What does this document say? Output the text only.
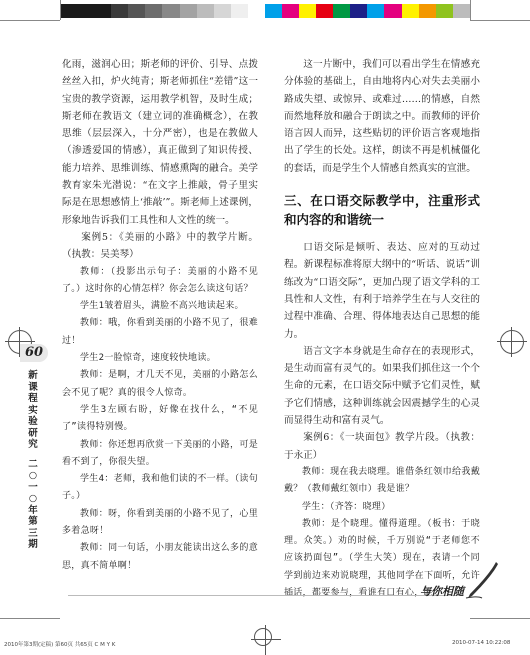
60
新
课
程
实
验
研
究
二
○
一
○
年
第
三
期

化雨，滋润心田；斯老师的评价、引导、点拨丝丝入扣，炉火纯青；斯老师抓住“差错”这一宝贵的教学资源，运用教学机智，及时生成；斯老师在教语文（建立词的准确概念），在教思维（层层深入，十分严密），也是在教做人（渗透爱国的情感），真正做到了知识传授、能力培养、思维训练、情感熏陶的融合。美学教育家朱光潜说：“在文字上推敲，骨子里实际是在思想感情上‘推敲’”。斯老师上述课例，形象地告诉我们工具性和人文性的统一。

案例5：《美丽的小路》中的教学片断。（执教：吴美琴）

教师：（投影出示句子：美丽的小路不见了。）这时你的心情怎样？你会怎么读这句话？

学生1皱着眉头，满脸不高兴地读起来。

教师：哦，你看到美丽的小路不见了，很难过！

学生2一脸惊奇，速度较快地读。

教师：是啊，才几天不见，美丽的小路怎么会不见了呢？真的很令人惊奇。

学生3左顾右盼，好像在找什么，“不见了”读得特别慢。

教师：你还想再欣赏一下美丽的小路，可是看不到了，你很失望。

学生4：老师，我和他们读的不一样。（读句子。）

教师：呀，你看到美丽的小路不见了，心里多着急呀！

教师：同一句话，小朋友能读出这么多的意思，真不简单啊！

这一片断中，我们可以看出学生在情感充分体验的基础上，自由地将内心对失去美丽小路成失望、或惊异、或难过……的情感，自然而然地释放和融合于朗读之中。而教师的评价语言因人而异，这些贴切的评价语言客观地指出了学生的长处。这样，朗读不再是机械僵化的套话，而是学生个人情感自然真实的宣泄。

三、在口语交际教学中，注重形式和内容的和谐统一

口语交际是倾听、表达、应对的互动过程。新课程标准将原大纲中的“听话、说话”训练改为“口语交际”，更加凸现了语文学科的工具性和人文性，有利于培养学生在与人交往的过程中准确、合理、得体地表达自己思想的能力。

语言文字本身就是生命存在的表现形式，是生动而富有灵气的。如果我们抓住这一个个生命的元素，在口语交际中赋予它们灵性，赋予它们情感，这种训练就会因震撼学生的心灵而显得生动和富有灵气。

案例6：《一块面包》教学片段。（执教：于永正）

教师：现在我去晓理。谁借条红领巾给我戴戴？（教师戴红领巾）我是谁？

学生：（齐答：晓理）

教师：是个晓理。懂得道理。（板书：于晓理。众笑。）劝的时候，千万别说“于老师您不应该扔面包”。（学生大笑）现在，表请一个同学到前边来劝说晓理，其他同学在下面听，允许插话，都要参与，看谁有口有心，能

与你相随
2010年第3期(定稿) 第60页 共65页 C M Y K	2010-07-14 10:22:08
